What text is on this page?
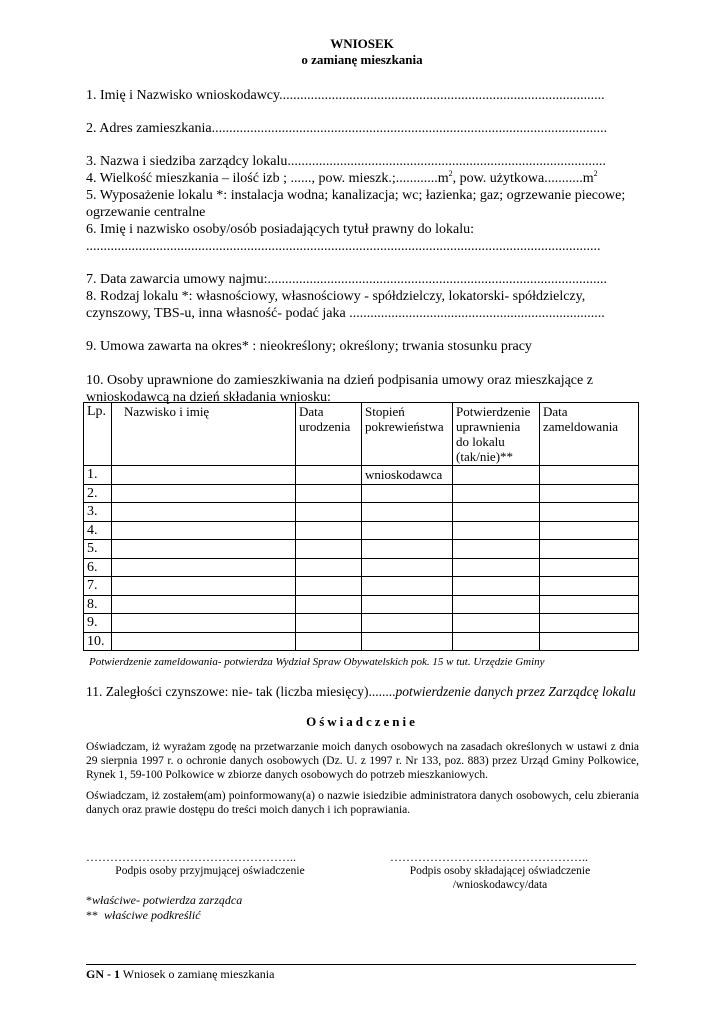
WNIOSEK
o zamianę mieszkania
1. Imię i Nazwisko wnioskodawcy.............................................................................................
2. Adres zamieszkania.................................................................................................................
3. Nazwa i siedziba zarządcy lokalu...........................................................................................
4. Wielkość mieszkania – ilość izb ; ......, pow. $mieszk.;............m^2$, pow. $użytkowa...........m^2$
5. Wyposażenie lokalu *: instalacja wodna; kanalizacja; wc; łazienka; gaz; ogrzewanie piecowe; ogrzewanie centralne
6. Imię i nazwisko osoby/osób posiadających tytuł prawny do lokalu:
...................................................................................................................................................
7. Data zawarcia umowy najmu:.................................................................................................
8. Rodzaj lokalu *: własnościowy, własnościowy - spółdzielczy, lokatorski- spółdzielczy, czynszowy, TBS-u, inna własność- podać jaka .........................................................................
9. Umowa zawarta na okres* : nieokreślony; określony; trwania stosunku pracy
10. Osoby uprawnione do zamieszkiwania na dzień podpisania umowy oraz mieszkające z wnioskodawcą na dzień składania wniosku:
Lp.	Nazwisko i imię	Data urodzenia	Stopień pokrewieństwa	Potwierdzenie uprawnienia do lokalu (tak/nie)**	Data zameldowania
1.			wnioskodawca		
2.					
3.					
4.					
5.					
6.					
7.					
8.					
9.					
10.					
Potwierdzenie zameldowania- potwierdza Wydział Spraw Obywatelskich pok. 15 w tut. Urzędzie Gminy
11. Zaległości czynszowe: nie- tak (liczba miesięcy)........potwierdzenie danych przez Zarządcę lokalu
Oświadczenie
Oświadczam, iż wyrażam zgodę na przetwarzanie moich danych osobowych na zasadach określonych w ustawi z dnia 29 sierpnia 1997 r. o ochronie danych osobowych (Dz. U. z 1997 r. Nr 133, poz. 883) przez Urząd Gminy Polkowice, Rynek 1, 59-100 Polkowice w zbiorze danych osobowych do potrzeb mieszkaniowych.
Oświadczam, iż zostałem(am) poinformowany(a) o nazwie isiedzibie administratora danych osobowych, celu zbierania danych oraz prawie dostępu do treści moich danych i ich poprawiania.
……………………………………………..
Podpis osoby przyjmującej oświadczenie
…………………………………………..
Podpis osoby składającej oświadczenie
/wnioskodawcy/data
*właściwe- potwierdza zarządca
** właściwe podkreślić
GN - 1 Wniosek o zamianę mieszkania
